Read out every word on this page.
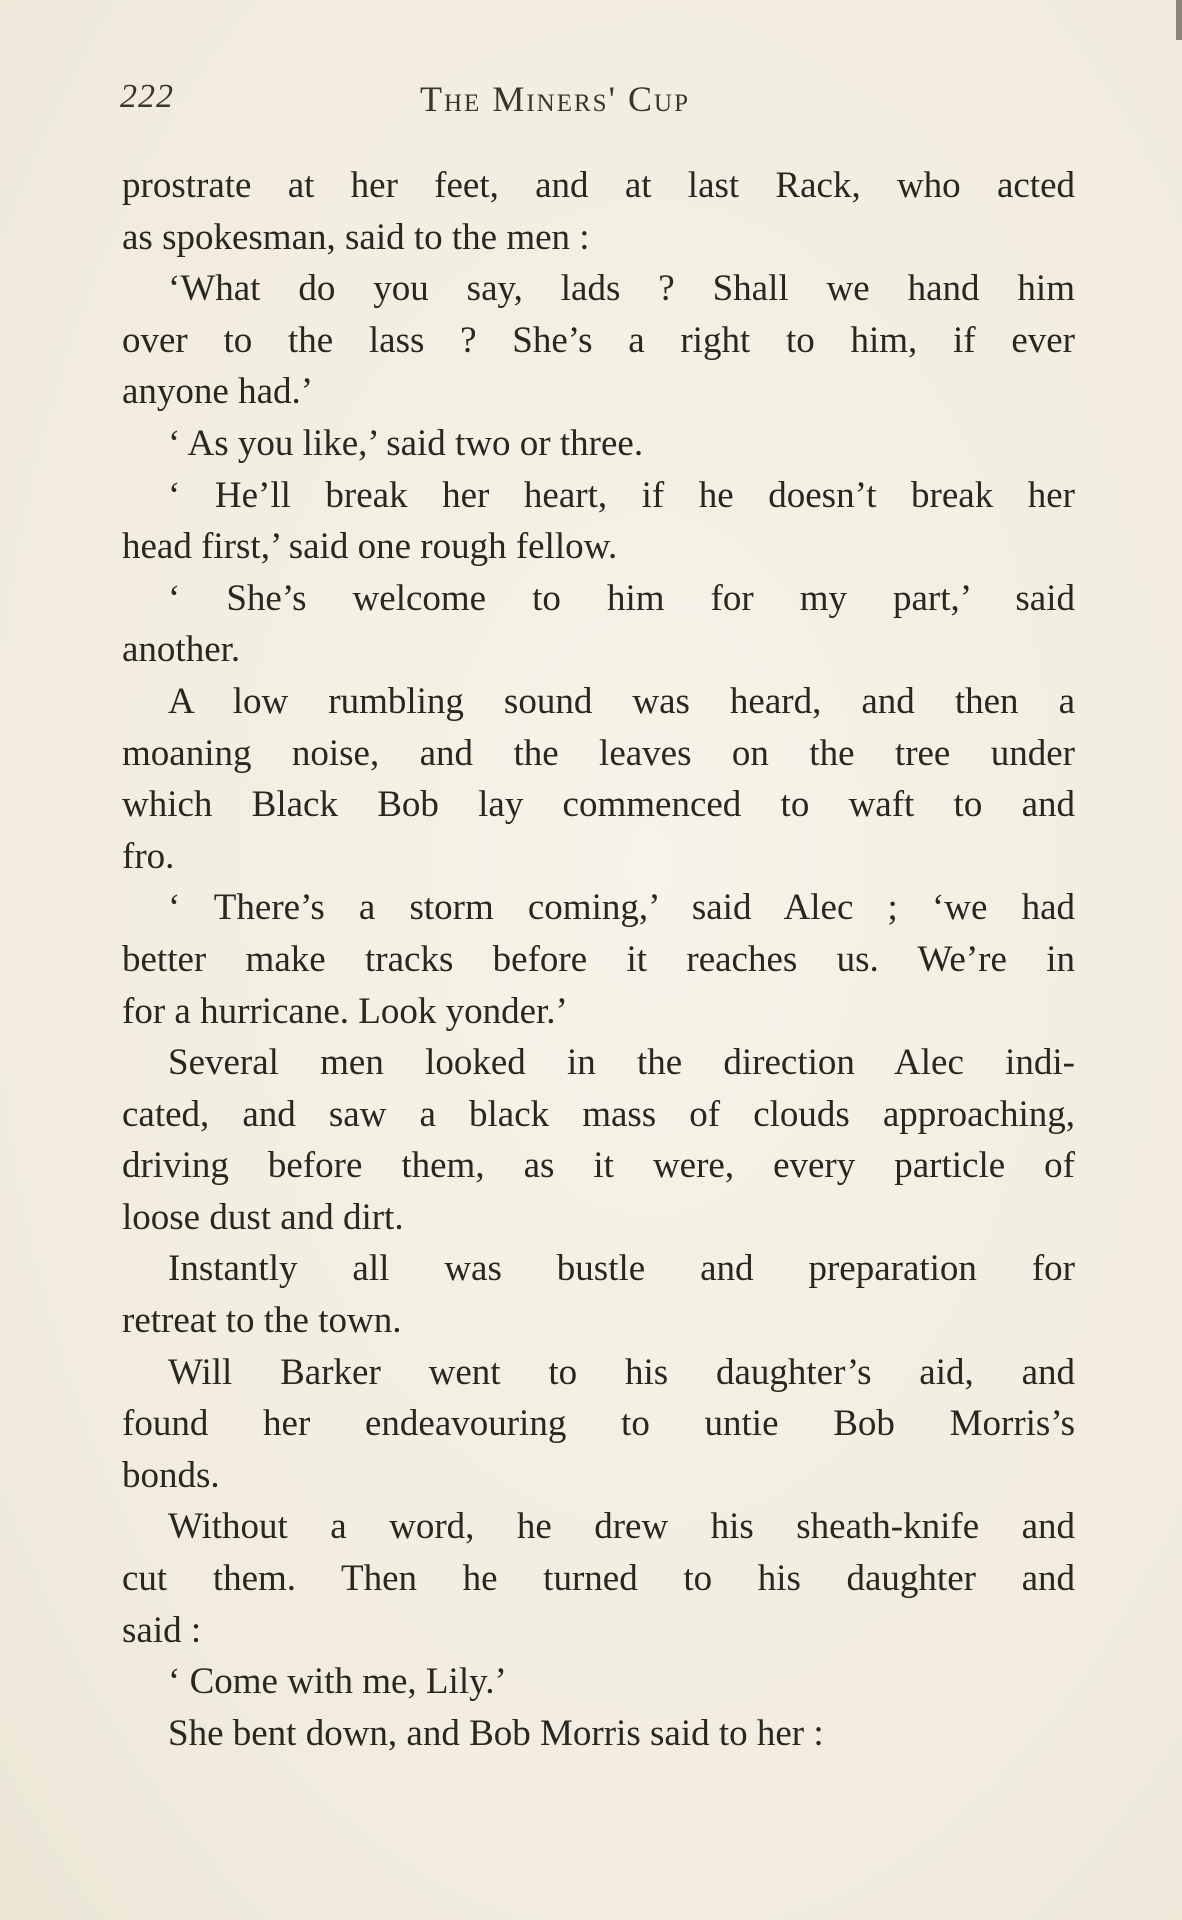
222	The Miners' Cup
prostrate at her feet, and at last Rack, who acted
as spokesman, said to the men :
‘What do you say, lads ? Shall we hand him
over to the lass ? She’s a right to him, if ever
anyone had.’
‘ As you like,’ said two or three.
‘ He’ll break her heart, if he doesn’t break her
head first,’ said one rough fellow.
‘ She’s welcome to him for my part,’ said
another.
A low rumbling sound was heard, and then a
moaning noise, and the leaves on the tree under
which Black Bob lay commenced to waft to and
fro.
‘ There’s a storm coming,’ said Alec ; ‘we had
better make tracks before it reaches us. We’re in
for a hurricane. Look yonder.’
Several men looked in the direction Alec indi-
cated, and saw a black mass of clouds approaching,
driving before them, as it were, every particle of
loose dust and dirt.
Instantly all was bustle and preparation for
retreat to the town.
Will Barker went to his daughter’s aid, and
found her endeavouring to untie Bob Morris’s
bonds.
Without a word, he drew his sheath-knife and
cut them. Then he turned to his daughter and
said :
‘ Come with me, Lily.’
She bent down, and Bob Morris said to her :
